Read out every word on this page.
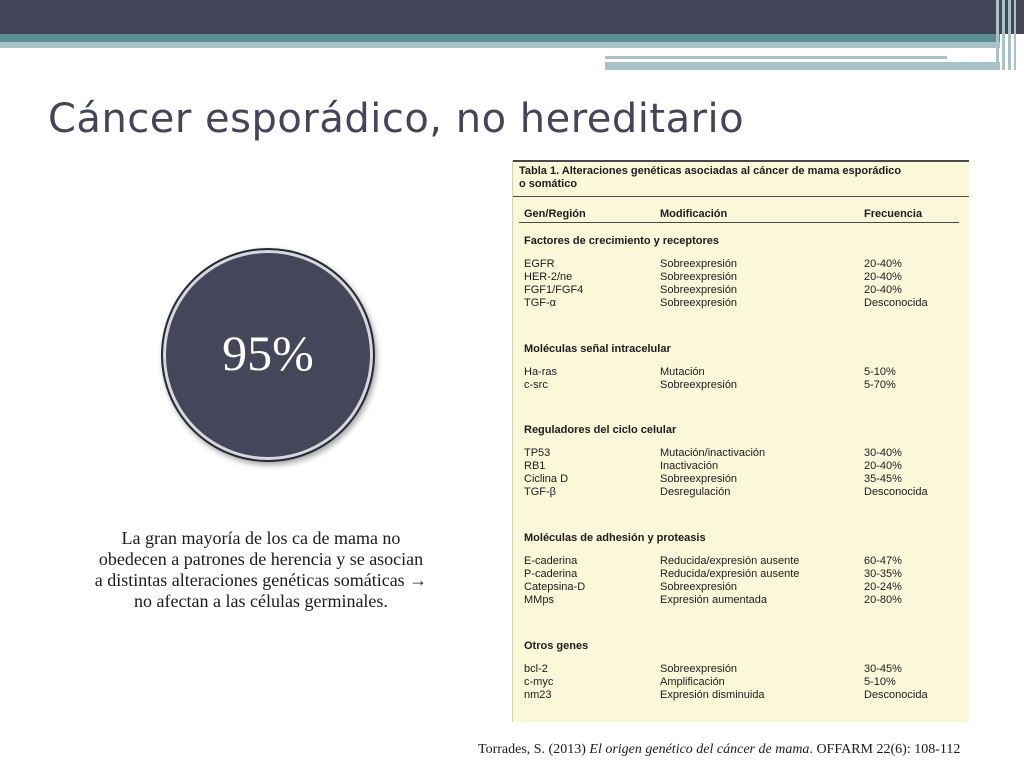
Cáncer esporádico, no hereditario
95%
La gran mayoría de los ca de mama no
obedecen a patrones de herencia y se asocian
a distintas alteraciones genéticas somáticas →
no afectan a las células germinales.
Tabla 1. Alteraciones genéticas asociadas al cáncer de mama esporádico
o somático
Gen/Región	Modificación	Frecuencia
Factores de crecimiento y receptores
EGFR	Sobreexpresión	20-40%
HER-2/ne	Sobreexpresión	20-40%
FGF1/FGF4	Sobreexpresión	20-40%
TGF-α	Sobreexpresión	Desconocida
Moléculas señal intracelular
Ha-ras	Mutación	5-10%
c-src	Sobreexpresión	5-70%
Reguladores del ciclo celular
TP53	Mutación/inactivación	30-40%
RB1	Inactivación	20-40%
Ciclina D	Sobreexpresión	35-45%
TGF-β	Desregulación	Desconocida
Moléculas de adhesión y proteasis
E-caderina	Reducida/expresión ausente	60-47%
P-caderina	Reducida/expresión ausente	30-35%
Catepsina-D	Sobreexpresión	20-24%
MMps	Expresión aumentada	20-80%
Otros genes
bcl-2	Sobreexpresión	30-45%
c-myc	Amplificación	5-10%
nm23	Expresión disminuida	Desconocida
Torrades, S. (2013) El origen genético del cáncer de mama. OFFARM 22(6): 108-112
